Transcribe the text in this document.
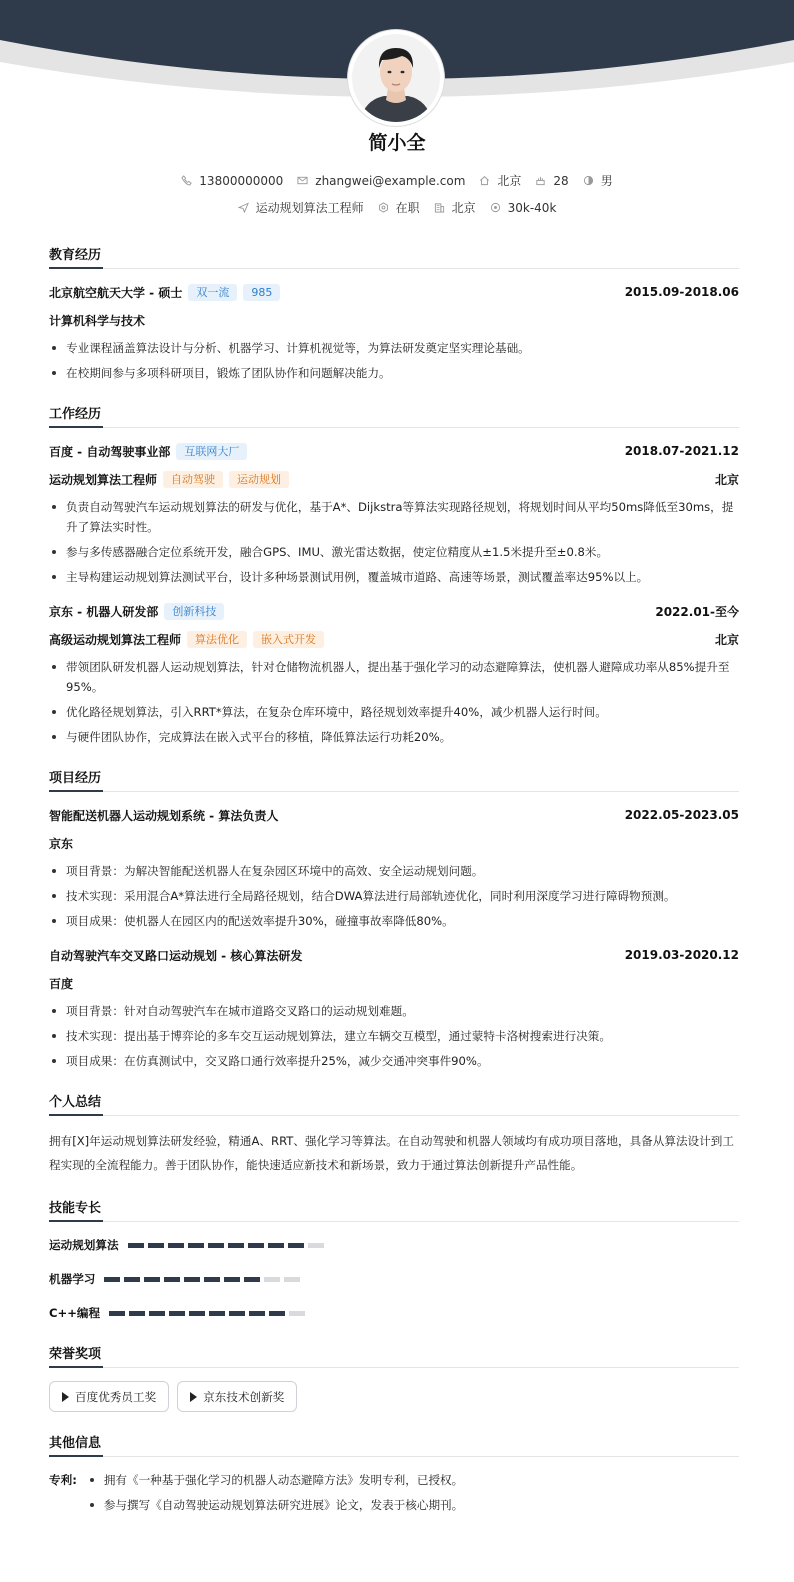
简小全
13800000000	zhangwei@example.com	北京	28	男
运动规划算法工程师	在职	北京	30k-40k
教育经历
北京航空航天大学 - 硕士	双一流	985	2015.09-2018.06
计算机科学与技术
专业课程涵盖算法设计与分析、机器学习、计算机视觉等，为算法研发奠定坚实理论基础。
在校期间参与多项科研项目，锻炼了团队协作和问题解决能力。
工作经历
百度 - 自动驾驶事业部	互联网大厂	2018.07-2021.12
运动规划算法工程师	自动驾驶	运动规划	北京
负责自动驾驶汽车运动规划算法的研发与优化，基于A*、Dijkstra等算法实现路径规划，将规划时间从平均50ms降低至30ms，提升了算法实时性。
参与多传感器融合定位系统开发，融合GPS、IMU、激光雷达数据，使定位精度从±1.5米提升至±0.8米。
主导构建运动规划算法测试平台，设计多种场景测试用例，覆盖城市道路、高速等场景，测试覆盖率达95%以上。
京东 - 机器人研发部	创新科技	2022.01-至今
高级运动规划算法工程师	算法优化	嵌入式开发	北京
带领团队研发机器人运动规划算法，针对仓储物流机器人，提出基于强化学习的动态避障算法，使机器人避障成功率从85%提升至95%。
优化路径规划算法，引入RRT*算法，在复杂仓库环境中，路径规划效率提升40%，减少机器人运行时间。
与硬件团队协作，完成算法在嵌入式平台的移植，降低算法运行功耗20%。
项目经历
智能配送机器人运动规划系统 - 算法负责人	2022.05-2023.05
京东
项目背景：为解决智能配送机器人在复杂园区环境中的高效、安全运动规划问题。
技术实现：采用混合A*算法进行全局路径规划，结合DWA算法进行局部轨迹优化，同时利用深度学习进行障碍物预测。
项目成果：使机器人在园区内的配送效率提升30%，碰撞事故率降低80%。
自动驾驶汽车交叉路口运动规划 - 核心算法研发	2019.03-2020.12
百度
项目背景：针对自动驾驶汽车在城市道路交叉路口的运动规划难题。
技术实现：提出基于博弈论的多车交互运动规划算法，建立车辆交互模型，通过蒙特卡洛树搜索进行决策。
项目成果：在仿真测试中，交叉路口通行效率提升25%，减少交通冲突事件90%。
个人总结

拥有[X]年运动规划算法研发经验，精通A、RRT、强化学习等算法。在自动驾驶和机器人领域均有成功项目落地，具备从算法设计到工程实现的全流程能力。善于团队协作，能快速适应新技术和新场景，致力于通过算法创新提升产品性能。

技能专长
运动规划算法
机器学习
C++编程
荣誉奖项
百度优秀员工奖	京东技术创新奖
其他信息
专利:	拥有《一种基于强化学习的机器人动态避障方法》发明专利，已授权。
参与撰写《自动驾驶运动规划算法研究进展》论文，发表于核心期刊。
